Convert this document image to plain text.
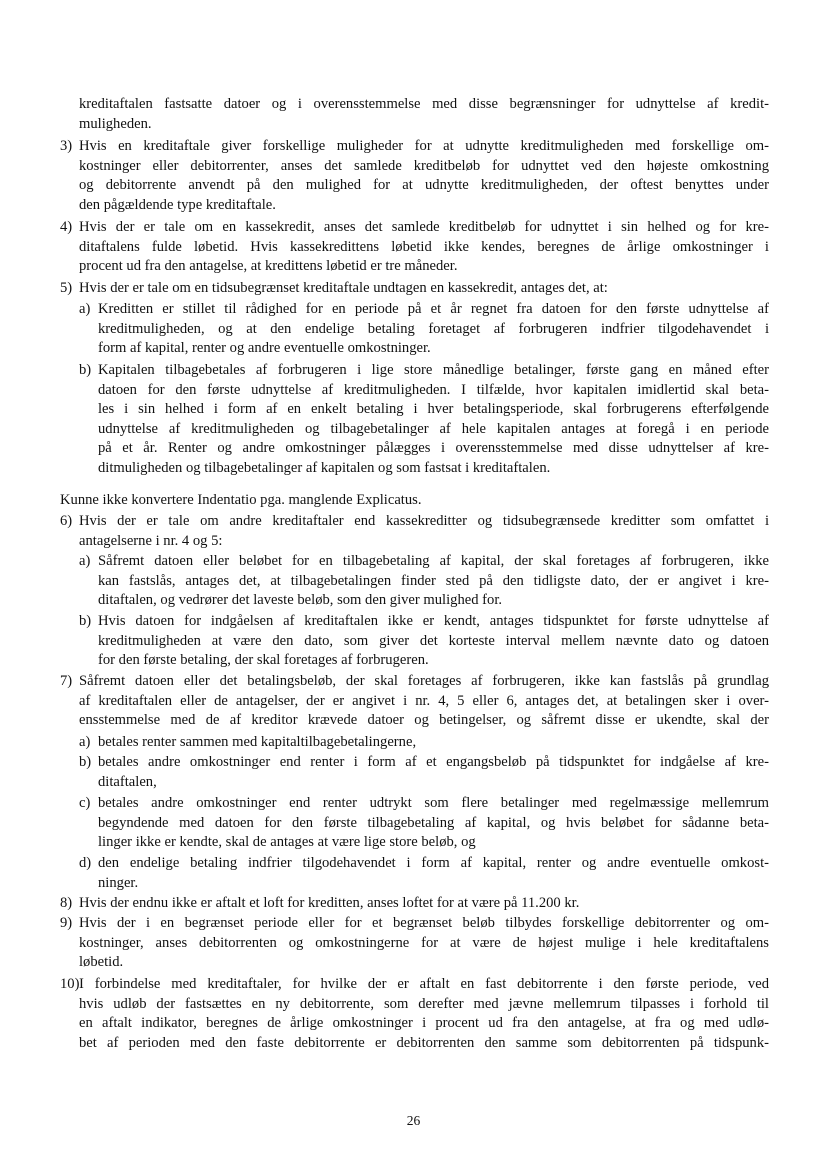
kreditaftalen fastsatte datoer og i overensstemmelse med disse begrænsninger for udnyttelse af kredit-
muligheden.
3) Hvis en kreditaftale giver forskellige muligheder for at udnytte kreditmuligheden med forskellige om-
kostninger eller debitorrenter, anses det samlede kreditbeløb for udnyttet ved den højeste omkostning
og debitorrente anvendt på den mulighed for at udnytte kreditmuligheden, der oftest benyttes under
den pågældende type kreditaftale.
4) Hvis der er tale om en kassekredit, anses det samlede kreditbeløb for udnyttet i sin helhed og for kre-
ditaftalens fulde løbetid. Hvis kassekredittens løbetid ikke kendes, beregnes de årlige omkostninger i
procent ud fra den antagelse, at kredittens løbetid er tre måneder.
5) Hvis der er tale om en tidsubegrænset kreditaftale undtagen en kassekredit, antages det, at:
a) Kreditten er stillet til rådighed for en periode på et år regnet fra datoen for den første udnyttelse af
kreditmuligheden, og at den endelige betaling foretaget af forbrugeren indfrier tilgodehavendet i
form af kapital, renter og andre eventuelle omkostninger.
b) Kapitalen tilbagebetales af forbrugeren i lige store månedlige betalinger, første gang en måned efter
datoen for den første udnyttelse af kreditmuligheden. I tilfælde, hvor kapitalen imidlertid skal beta-
les i sin helhed i form af en enkelt betaling i hver betalingsperiode, skal forbrugerens efterfølgende
udnyttelse af kreditmuligheden og tilbagebetalinger af hele kapitalen antages at foregå i en periode
på et år. Renter og andre omkostninger pålægges i overensstemmelse med disse udnyttelser af kre-
ditmuligheden og tilbagebetalinger af kapitalen og som fastsat i kreditaftalen.
Kunne ikke konvertere Indentatio pga. manglende Explicatus.
6) Hvis der er tale om andre kreditaftaler end kassekreditter og tidsubegrænsede kreditter som omfattet i
antagelserne i nr. 4 og 5:
a) Såfremt datoen eller beløbet for en tilbagebetaling af kapital, der skal foretages af forbrugeren, ikke
kan fastslås, antages det, at tilbagebetalingen finder sted på den tidligste dato, der er angivet i kre-
ditaftalen, og vedrører det laveste beløb, som den giver mulighed for.
b) Hvis datoen for indgåelsen af kreditaftalen ikke er kendt, antages tidspunktet for første udnyttelse af
kreditmuligheden at være den dato, som giver det korteste interval mellem nævnte dato og datoen
for den første betaling, der skal foretages af forbrugeren.
7) Såfremt datoen eller det betalingsbeløb, der skal foretages af forbrugeren, ikke kan fastslås på grundlag
af kreditaftalen eller de antagelser, der er angivet i nr. 4, 5 eller 6, antages det, at betalingen sker i over-
ensstemmelse med de af kreditor krævede datoer og betingelser, og såfremt disse er ukendte, skal der
a) betales renter sammen med kapitaltilbagebetalingerne,
b) betales andre omkostninger end renter i form af et engangsbeløb på tidspunktet for indgåelse af kre-
ditaftalen,
c) betales andre omkostninger end renter udtrykt som flere betalinger med regelmæssige mellemrum
begyndende med datoen for den første tilbagebetaling af kapital, og hvis beløbet for sådanne beta-
linger ikke er kendte, skal de antages at være lige store beløb, og
d) den endelige betaling indfrier tilgodehavendet i form af kapital, renter og andre eventuelle omkost-
ninger.
8) Hvis der endnu ikke er aftalt et loft for kreditten, anses loftet for at være på 11.200 kr.
9) Hvis der i en begrænset periode eller for et begrænset beløb tilbydes forskellige debitorrenter og om-
kostninger, anses debitorrenten og omkostningerne for at være de højest mulige i hele kreditaftalens
løbetid.
10) I forbindelse med kreditaftaler, for hvilke der er aftalt en fast debitorrente i den første periode, ved
hvis udløb der fastsættes en ny debitorrente, som derefter med jævne mellemrum tilpasses i forhold til
en aftalt indikator, beregnes de årlige omkostninger i procent ud fra den antagelse, at fra og med udlø-
bet af perioden med den faste debitorrente er debitorrenten den samme som debitorrenten på tidspunk-
26
